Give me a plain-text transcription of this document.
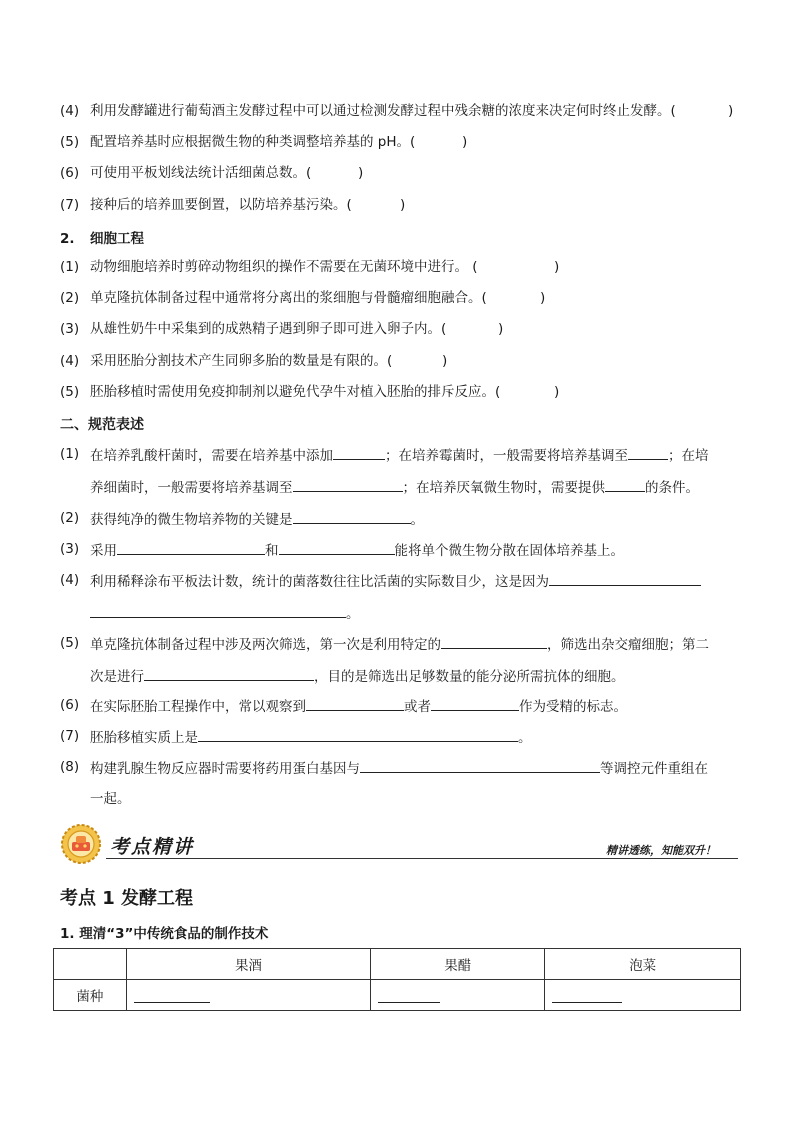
(4) 利用发酵罐进行葡萄酒主发酵过程中可以通过检测发酵过程中残余糖的浓度来决定何时终止发酵。(	)
(5) 配置培养基时应根据微生物的种类调整培养基的 pH。(	)
(6) 可使用平板划线法统计活细菌总数。(	)
(7) 接种后的培养皿要倒置，以防培养基污染。(	)
2. 细胞工程
(1) 动物细胞培养时剪碎动物组织的操作不需要在无菌环境中进行。 (	)
(2) 单克隆抗体制备过程中通常将分离出的浆细胞与骨髓瘤细胞融合。(	)
(3) 从雄性奶牛中采集到的成熟精子遇到卵子即可进入卵子内。(	)
(4) 采用胚胎分割技术产生同卵多胎的数量是有限的。(	)
(5) 胚胎移植时需使用免疫抑制剂以避免代孕牛对植入胚胎的排斥反应。(	)
二、规范表述
(1) 在培养乳酸杆菌时，需要在培养基中添加	；在培养霉菌时，一般需要将培养基调至	；在培
养细菌时，一般需要将培养基调至	；在培养厌氧微生物时，需要提供	的条件。
(2) 获得纯净的微生物培养物的关键是	。
(3) 采用	和	能将单个微生物分散在固体培养基上。
(4) 利用稀释涂布平板法计数，统计的菌落数往往比活菌的实际数目少，这是因为
。
(5) 单克隆抗体制备过程中涉及两次筛选，第一次是利用特定的	，筛选出杂交瘤细胞；第二
次是进行	，目的是筛选出足够数量的能分泌所需抗体的细胞。
(6) 在实际胚胎工程操作中，常以观察到	或者	作为受精的标志。
(7) 胚胎移植实质上是	。
(8) 构建乳腺生物反应器时需要将药用蛋白基因与	等调控元件重组在
一起。
考点精讲	精讲透练，知能双升！
考点 1 发酵工程
1. 理清“3”中传统食品的制作技术
	果酒	果醋	泡菜
菌种			
